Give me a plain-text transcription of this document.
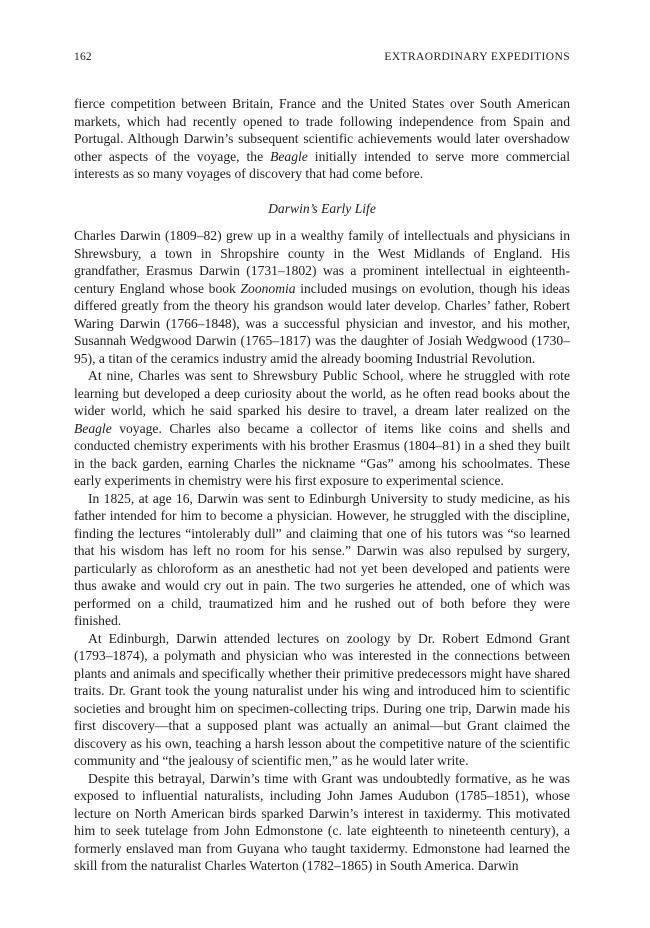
162	EXTRAORDINARY EXPEDITIONS

fierce competition between Britain, France and the United States over South American markets, which had recently opened to trade following independence from Spain and Portugal. Although Darwin’s subsequent scientific achievements would later overshadow other aspects of the voyage, the Beagle initially intended to serve more commercial interests as so many voyages of discovery that had come before.

Darwin’s Early Life

Charles Darwin (1809–82) grew up in a wealthy family of intellectuals and physicians in Shrewsbury, a town in Shropshire county in the West Midlands of England. His grandfather, Erasmus Darwin (1731–1802) was a prominent intellectual in eighteenth-century England whose book Zoonomia included musings on evolution, though his ideas differed greatly from the theory his grandson would later develop. Charles’ father, Robert Waring Darwin (1766–1848), was a successful physician and investor, and his mother, Susannah Wedgwood Darwin (1765–1817) was the daughter of Josiah Wedgwood (1730–95), a titan of the ceramics industry amid the already booming Industrial Revolution.

At nine, Charles was sent to Shrewsbury Public School, where he struggled with rote learning but developed a deep curiosity about the world, as he often read books about the wider world, which he said sparked his desire to travel, a dream later realized on the Beagle voyage. Charles also became a collector of items like coins and shells and conducted chemistry experiments with his brother Erasmus (1804–81) in a shed they built in the back garden, earning Charles the nickname “Gas” among his schoolmates. These early experiments in chemistry were his first exposure to experimental science.

In 1825, at age 16, Darwin was sent to Edinburgh University to study medicine, as his father intended for him to become a physician. However, he struggled with the discipline, finding the lectures “intolerably dull” and claiming that one of his tutors was “so learned that his wisdom has left no room for his sense.” Darwin was also repulsed by surgery, particularly as chloroform as an anesthetic had not yet been developed and patients were thus awake and would cry out in pain. The two surgeries he attended, one of which was performed on a child, traumatized him and he rushed out of both before they were finished.

At Edinburgh, Darwin attended lectures on zoology by Dr. Robert Edmond Grant (1793–1874), a polymath and physician who was interested in the connections between plants and animals and specifically whether their primitive predecessors might have shared traits. Dr. Grant took the young naturalist under his wing and introduced him to scientific societies and brought him on specimen-collecting trips. During one trip, Darwin made his first discovery—that a supposed plant was actually an animal—but Grant claimed the discovery as his own, teaching a harsh lesson about the competitive nature of the scientific community and “the jealousy of scientific men,” as he would later write.

Despite this betrayal, Darwin’s time with Grant was undoubtedly formative, as he was exposed to influential naturalists, including John James Audubon (1785–1851), whose lecture on North American birds sparked Darwin’s interest in taxidermy. This motivated him to seek tutelage from John Edmonstone (c. late eighteenth to nineteenth century), a formerly enslaved man from Guyana who taught taxidermy. Edmonstone had learned the skill from the naturalist Charles Waterton (1782–1865) in South America. Darwin
